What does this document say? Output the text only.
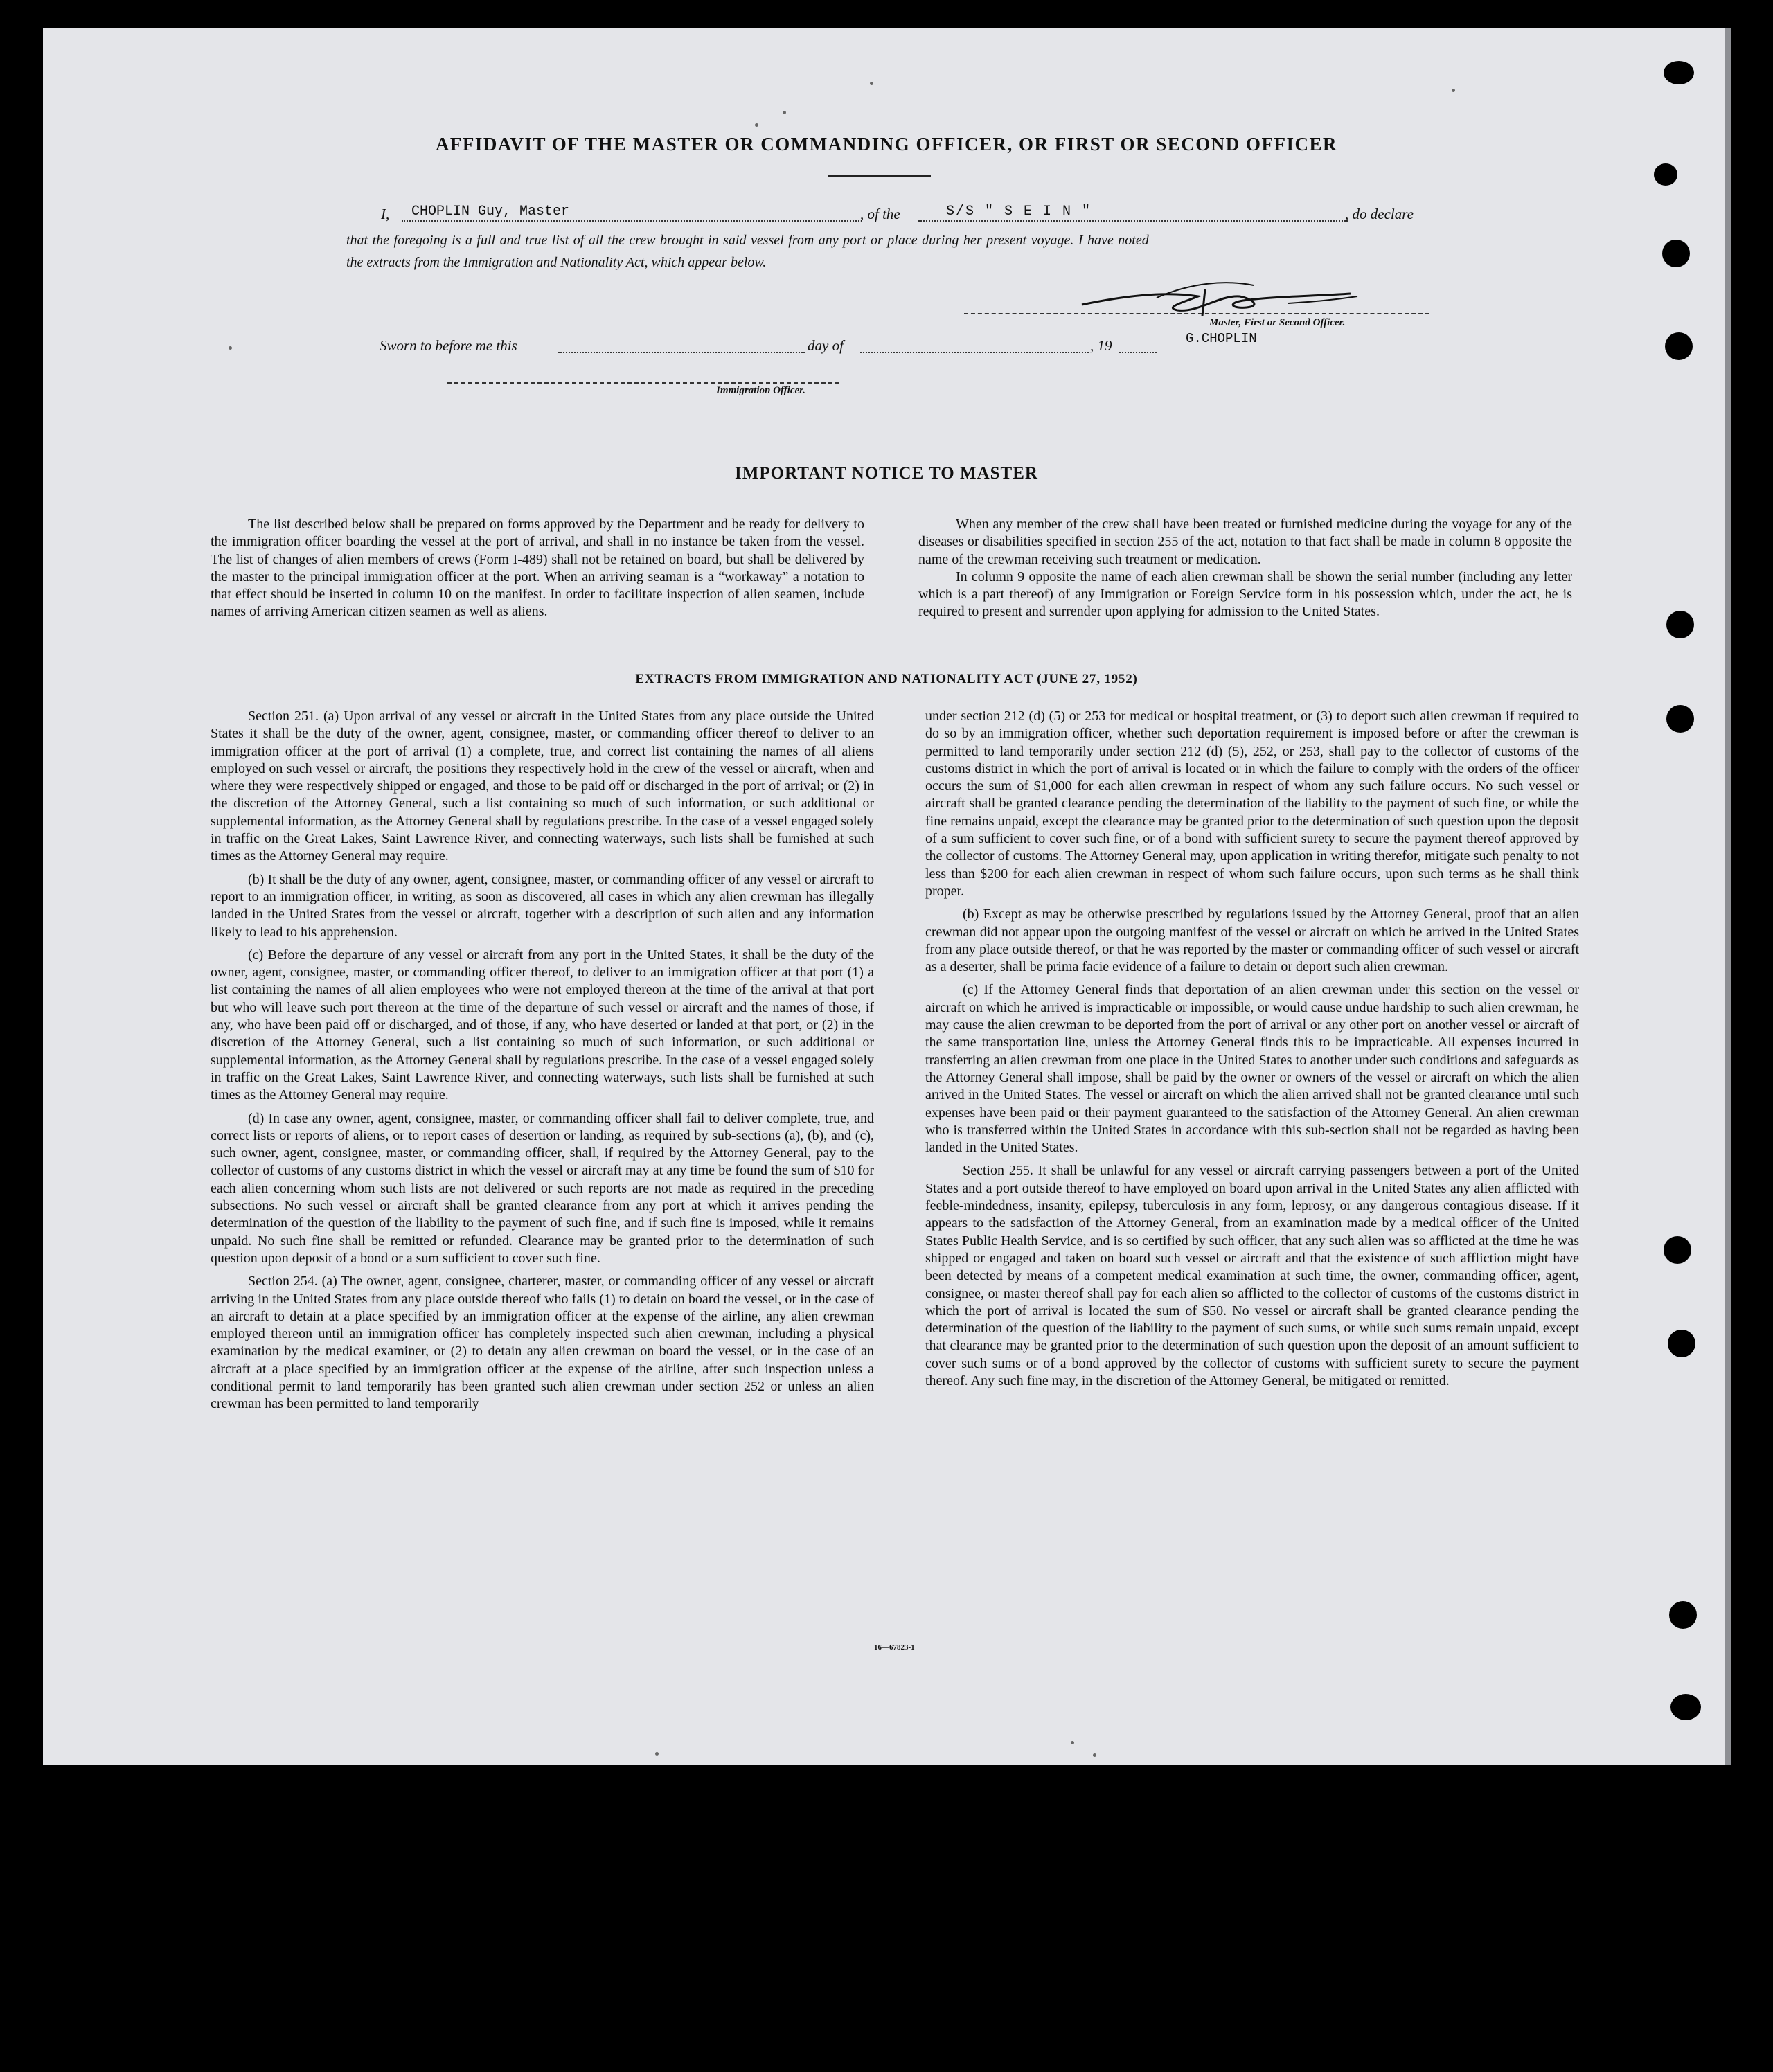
AFFIDAVIT OF THE MASTER OR COMMANDING OFFICER, OR FIRST OR SECOND OFFICER
I, CHOPLIN Guy, Master	, of the	S/S " S E I N "	, do declare
that the foregoing is a full and true list of all the crew brought in said vessel from any port or place during her present voyage. I have noted
the extracts from the Immigration and Nationality Act, which appear below.
Master, First or Second Officer.
G.CHOPLIN
Sworn to before me this	day of	, 19
Immigration Officer.
IMPORTANT NOTICE TO MASTER

The list described below shall be prepared on forms approved by the Department and be ready for delivery to the immigration officer boarding the vessel at the port of arrival, and shall in no instance be taken from the vessel. The list of changes of alien members of crews (Form I-489) shall not be retained on board, but shall be delivered by the master to the principal immigration officer at the port. When an arriving seaman is a “workaway” a notation to that effect should be inserted in column 10 on the manifest. In order to facilitate inspection of alien seamen, include names of arriving American citizen seamen as well as aliens.

When any member of the crew shall have been treated or furnished medicine during the voyage for any of the diseases or disabilities specified in section 255 of the act, notation to that fact shall be made in column 8 opposite the name of the crewman receiving such treatment or medication.

In column 9 opposite the name of each alien crewman shall be shown the serial number (including any letter which is a part thereof) of any Immigration or Foreign Service form in his possession which, under the act, he is required to present and surrender upon applying for admission to the United States.

EXTRACTS FROM IMMIGRATION AND NATIONALITY ACT (JUNE 27, 1952)

Section 251. (a) Upon arrival of any vessel or aircraft in the United States from any place outside the United States it shall be the duty of the owner, agent, consignee, master, or commanding officer thereof to deliver to an immigration officer at the port of arrival (1) a complete, true, and correct list containing the names of all aliens employed on such vessel or aircraft, the positions they respectively hold in the crew of the vessel or aircraft, when and where they were respectively shipped or engaged, and those to be paid off or discharged in the port of arrival; or (2) in the discretion of the Attorney General, such a list containing so much of such information, or such additional or supplemental information, as the Attorney General shall by regulations prescribe. In the case of a vessel engaged solely in traffic on the Great Lakes, Saint Lawrence River, and connecting waterways, such lists shall be furnished at such times as the Attorney General may require.

(b) It shall be the duty of any owner, agent, consignee, master, or commanding officer of any vessel or aircraft to report to an immigration officer, in writing, as soon as discovered, all cases in which any alien crewman has illegally landed in the United States from the vessel or aircraft, together with a description of such alien and any information likely to lead to his apprehension.

(c) Before the departure of any vessel or aircraft from any port in the United States, it shall be the duty of the owner, agent, consignee, master, or commanding officer thereof, to deliver to an immigration officer at that port (1) a list containing the names of all alien employees who were not employed thereon at the time of the arrival at that port but who will leave such port thereon at the time of the departure of such vessel or aircraft and the names of those, if any, who have been paid off or discharged, and of those, if any, who have deserted or landed at that port, or (2) in the discretion of the Attorney General, such a list containing so much of such information, or such additional or supplemental information, as the Attorney General shall by regulations prescribe. In the case of a vessel engaged solely in traffic on the Great Lakes, Saint Lawrence River, and connecting waterways, such lists shall be furnished at such times as the Attorney General may require.

(d) In case any owner, agent, consignee, master, or commanding officer shall fail to deliver complete, true, and correct lists or reports of aliens, or to report cases of desertion or landing, as required by sub-sections (a), (b), and (c), such owner, agent, consignee, master, or commanding officer, shall, if required by the Attorney General, pay to the collector of customs of any customs district in which the vessel or aircraft may at any time be found the sum of $10 for each alien concerning whom such lists are not delivered or such reports are not made as required in the preceding subsections. No such vessel or aircraft shall be granted clearance from any port at which it arrives pending the determination of the question of the liability to the payment of such fine, and if such fine is imposed, while it remains unpaid. No such fine shall be remitted or refunded. Clearance may be granted prior to the determination of such question upon deposit of a bond or a sum sufficient to cover such fine.

Section 254. (a) The owner, agent, consignee, charterer, master, or commanding officer of any vessel or aircraft arriving in the United States from any place outside thereof who fails (1) to detain on board the vessel, or in the case of an aircraft to detain at a place specified by an immigration officer at the expense of the airline, any alien crewman employed thereon until an immigration officer has completely inspected such alien crewman, including a physical examination by the medical examiner, or (2) to detain any alien crewman on board the vessel, or in the case of an aircraft at a place specified by an immigration officer at the expense of the airline, after such inspection unless a conditional permit to land temporarily has been granted such alien crewman under section 252 or unless an alien crewman has been permitted to land temporarily

under section 212 (d) (5) or 253 for medical or hospital treatment, or (3) to deport such alien crewman if required to do so by an immigration officer, whether such deportation requirement is imposed before or after the crewman is permitted to land temporarily under section 212 (d) (5), 252, or 253, shall pay to the collector of customs of the customs district in which the port of arrival is located or in which the failure to comply with the orders of the officer occurs the sum of $1,000 for each alien crewman in respect of whom any such failure occurs. No such vessel or aircraft shall be granted clearance pending the determination of the liability to the payment of such fine, or while the fine remains unpaid, except the clearance may be granted prior to the determination of such question upon the deposit of a sum sufficient to cover such fine, or of a bond with sufficient surety to secure the payment thereof approved by the collector of customs. The Attorney General may, upon application in writing therefor, mitigate such penalty to not less than $200 for each alien crewman in respect of whom such failure occurs, upon such terms as he shall think proper.

(b) Except as may be otherwise prescribed by regulations issued by the Attorney General, proof that an alien crewman did not appear upon the outgoing manifest of the vessel or aircraft on which he arrived in the United States from any place outside thereof, or that he was reported by the master or commanding officer of such vessel or aircraft as a deserter, shall be prima facie evidence of a failure to detain or deport such alien crewman.

(c) If the Attorney General finds that deportation of an alien crewman under this section on the vessel or aircraft on which he arrived is impracticable or impossible, or would cause undue hardship to such alien crewman, he may cause the alien crewman to be deported from the port of arrival or any other port on another vessel or aircraft of the same transportation line, unless the Attorney General finds this to be impracticable. All expenses incurred in transferring an alien crewman from one place in the United States to another under such conditions and safeguards as the Attorney General shall impose, shall be paid by the owner or owners of the vessel or aircraft on which the alien arrived in the United States. The vessel or aircraft on which the alien arrived shall not be granted clearance until such expenses have been paid or their payment guaranteed to the satisfaction of the Attorney General. An alien crewman who is transferred within the United States in accordance with this sub-section shall not be regarded as having been landed in the United States.

Section 255. It shall be unlawful for any vessel or aircraft carrying passengers between a port of the United States and a port outside thereof to have employed on board upon arrival in the United States any alien afflicted with feeble-mindedness, insanity, epilepsy, tuberculosis in any form, leprosy, or any dangerous contagious disease. If it appears to the satisfaction of the Attorney General, from an examination made by a medical officer of the United States Public Health Service, and is so certified by such officer, that any such alien was so afflicted at the time he was shipped or engaged and taken on board such vessel or aircraft and that the existence of such affliction might have been detected by means of a competent medical examination at such time, the owner, commanding officer, agent, consignee, or master thereof shall pay for each alien so afflicted to the collector of customs of the customs district in which the port of arrival is located the sum of $50. No vessel or aircraft shall be granted clearance pending the determination of the question of the liability to the payment of such sums, or while such sums remain unpaid, except that clearance may be granted prior to the determination of such question upon the deposit of an amount sufficient to cover such sums or of a bond approved by the collector of customs with sufficient surety to secure the payment thereof. Any such fine may, in the discretion of the Attorney General, be mitigated or remitted.

16—67823-1
